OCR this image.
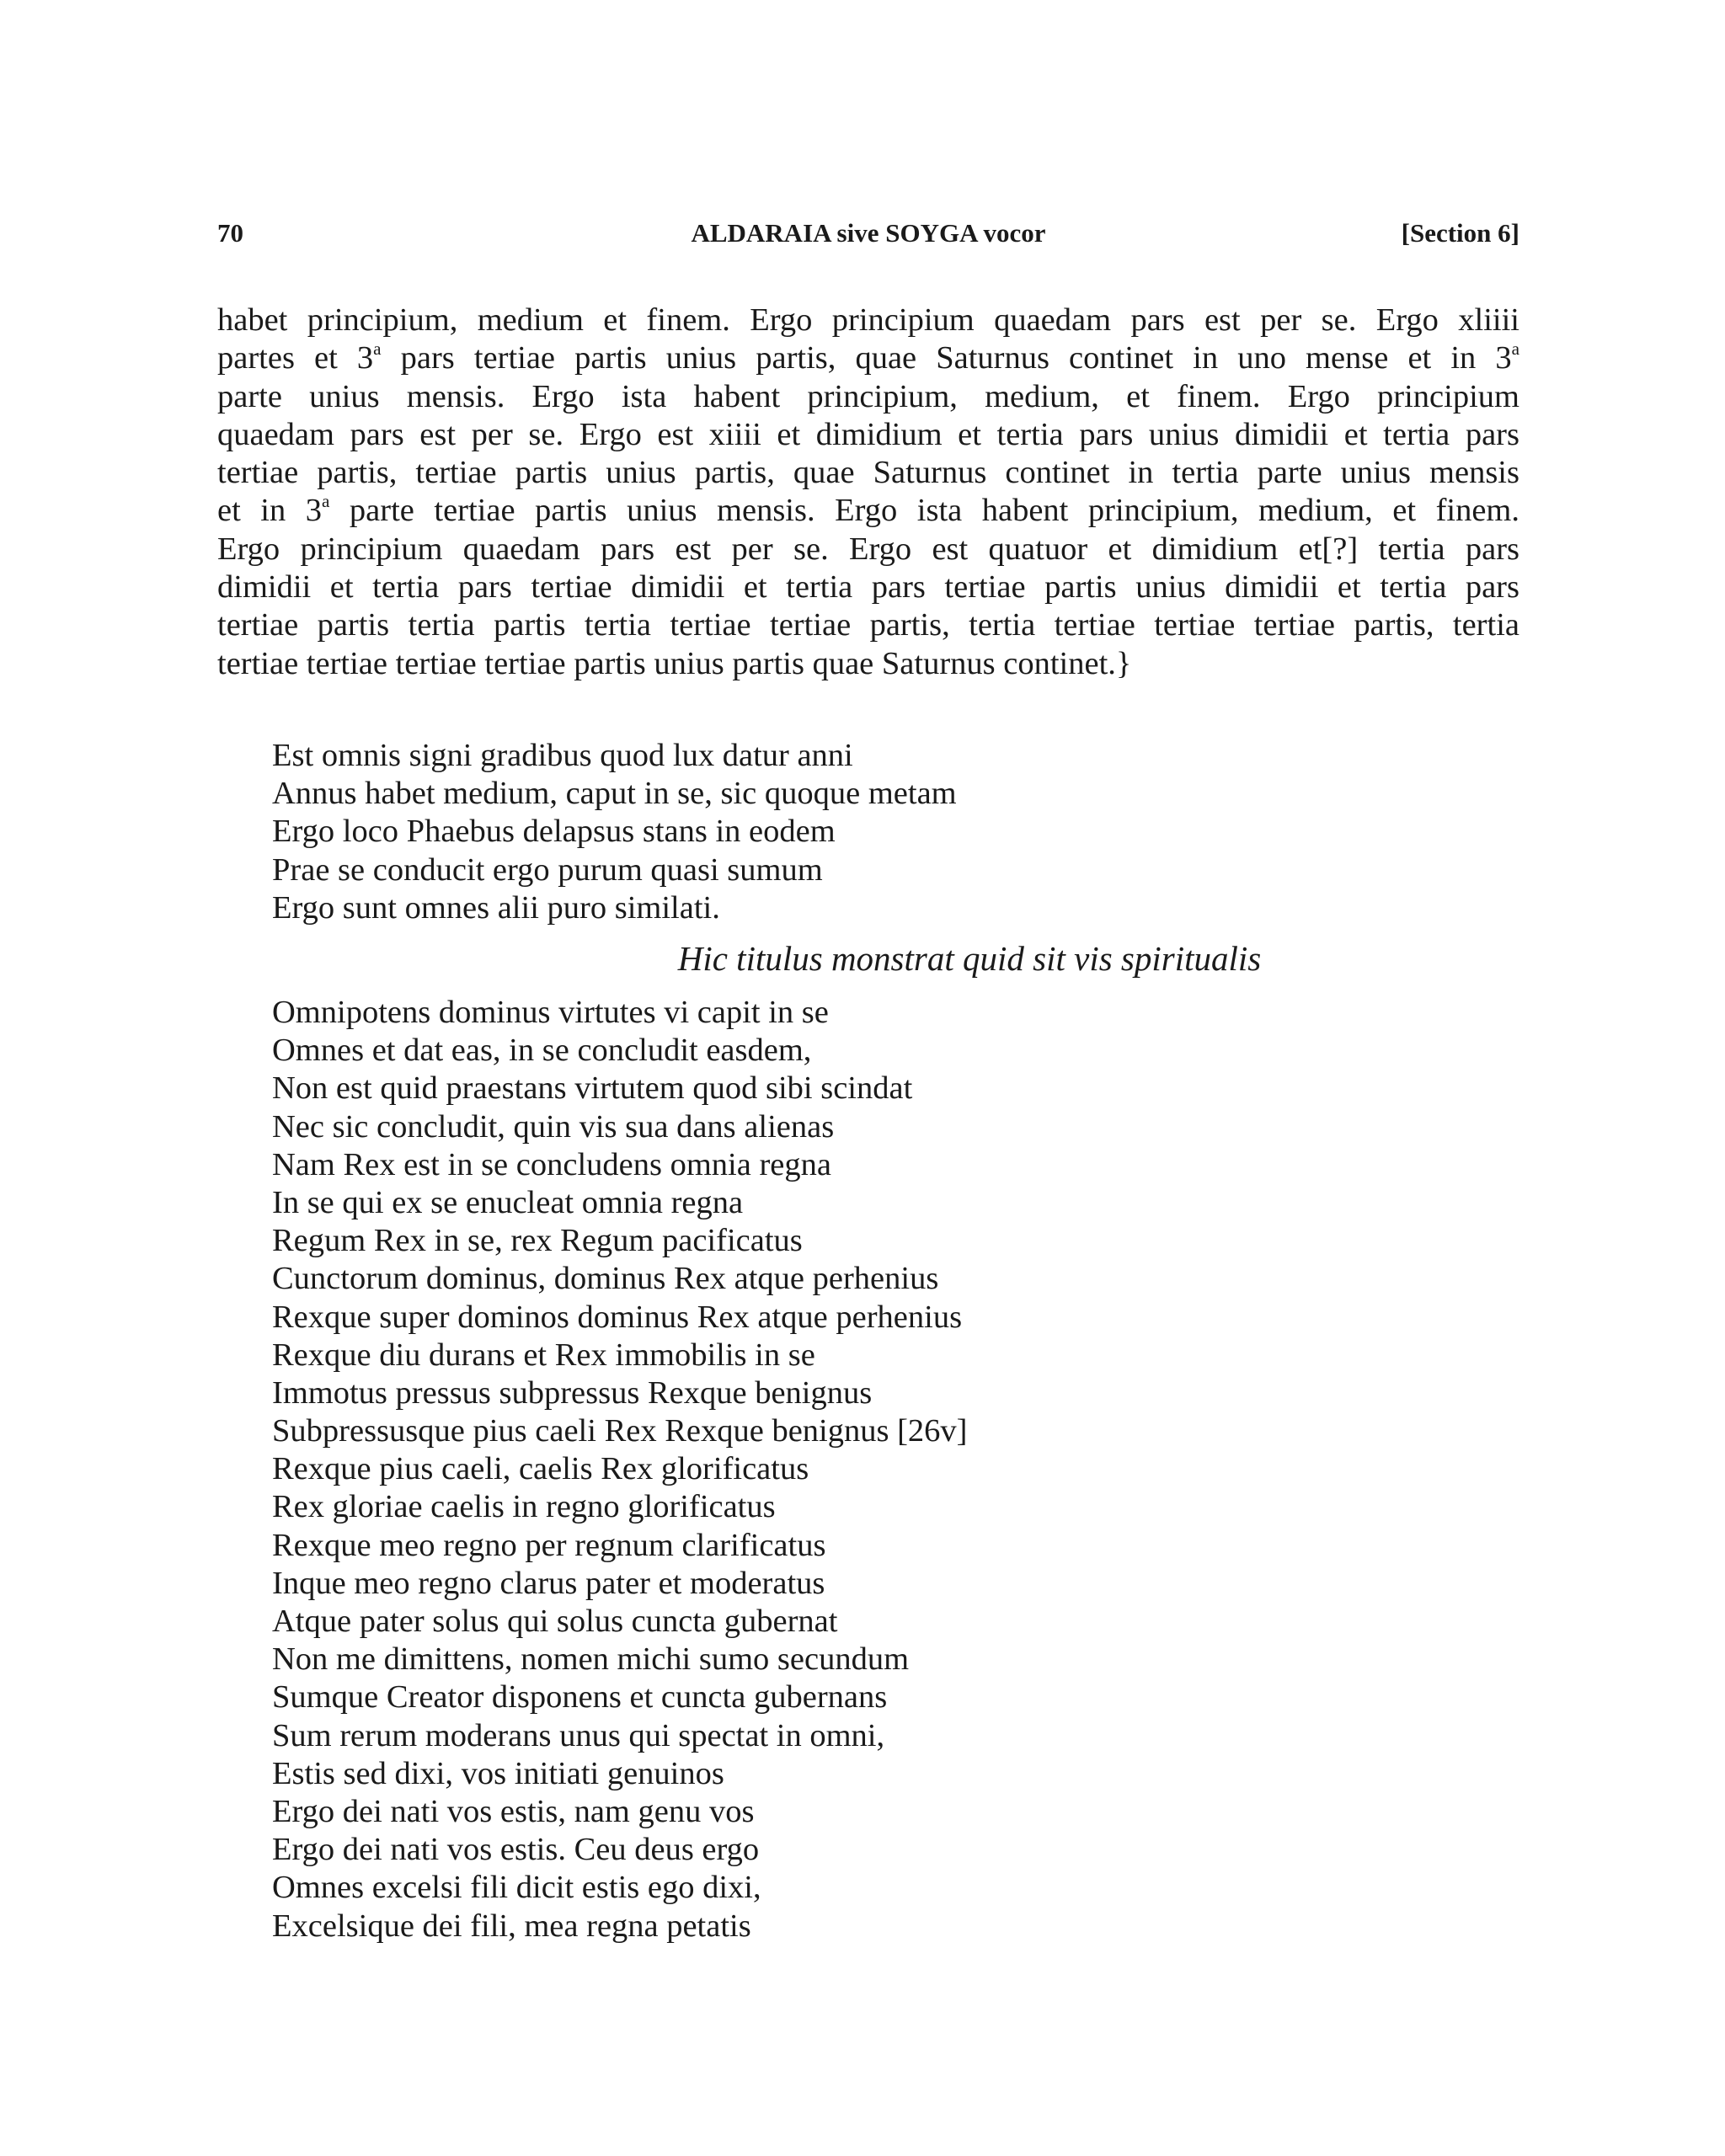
70	ALDARAIA sive SOYGA vocor	[Section 6]
habet principium, medium et finem. Ergo principium quaedam pars est per se. Ergo xliiii
partes et 3$^a$ pars tertiae partis unius partis, quae Saturnus continet in uno mense et in 3$^a$
parte unius mensis. Ergo ista habent principium, medium, et finem. Ergo principium
quaedam pars est per se. Ergo est xiiii et dimidium et tertia pars unius dimidii et tertia pars
tertiae partis, tertiae partis unius partis, quae Saturnus continet in tertia parte unius mensis
et in 3$^a$ parte tertiae partis unius mensis. Ergo ista habent principium, medium, et finem.
Ergo principium quaedam pars est per se. Ergo est quatuor et dimidium et[?] tertia pars
dimidii et tertia pars tertiae dimidii et tertia pars tertiae partis unius dimidii et tertia pars
tertiae partis tertia partis tertia tertiae tertiae partis, tertia tertiae tertiae tertiae partis, tertia
tertiae tertiae tertiae tertiae partis unius partis quae Saturnus continet.}
Est omnis signi gradibus quod lux datur anni
Annus habet medium, caput in se, sic quoque metam
Ergo loco Phaebus delapsus stans in eodem
Prae se conducit ergo purum quasi sumum
Ergo sunt omnes alii puro similati.
Hic titulus monstrat quid sit vis spiritualis
Omnipotens dominus virtutes vi capit in se
Omnes et dat eas, in se concludit easdem,
Non est quid praestans virtutem quod sibi scindat
Nec sic concludit, quin vis sua dans alienas
Nam Rex est in se concludens omnia regna
In se qui ex se enucleat omnia regna
Regum Rex in se, rex Regum pacificatus
Cunctorum dominus, dominus Rex atque perhenius
Rexque super dominos dominus Rex atque perhenius
Rexque diu durans et Rex immobilis in se
Immotus pressus subpressus Rexque benignus
Subpressusque pius caeli Rex Rexque benignus [26v]
Rexque pius caeli, caelis Rex glorificatus
Rex gloriae caelis in regno glorificatus
Rexque meo regno per regnum clarificatus
Inque meo regno clarus pater et moderatus
Atque pater solus qui solus cuncta gubernat
Non me dimittens, nomen michi sumo secundum
Sumque Creator disponens et cuncta gubernans
Sum rerum moderans unus qui spectat in omni,
Estis sed dixi, vos initiati genuinos
Ergo dei nati vos estis, nam genu vos
Ergo dei nati vos estis. Ceu deus ergo
Omnes excelsi fili dicit estis ego dixi,
Excelsique dei fili, mea regna petatis
